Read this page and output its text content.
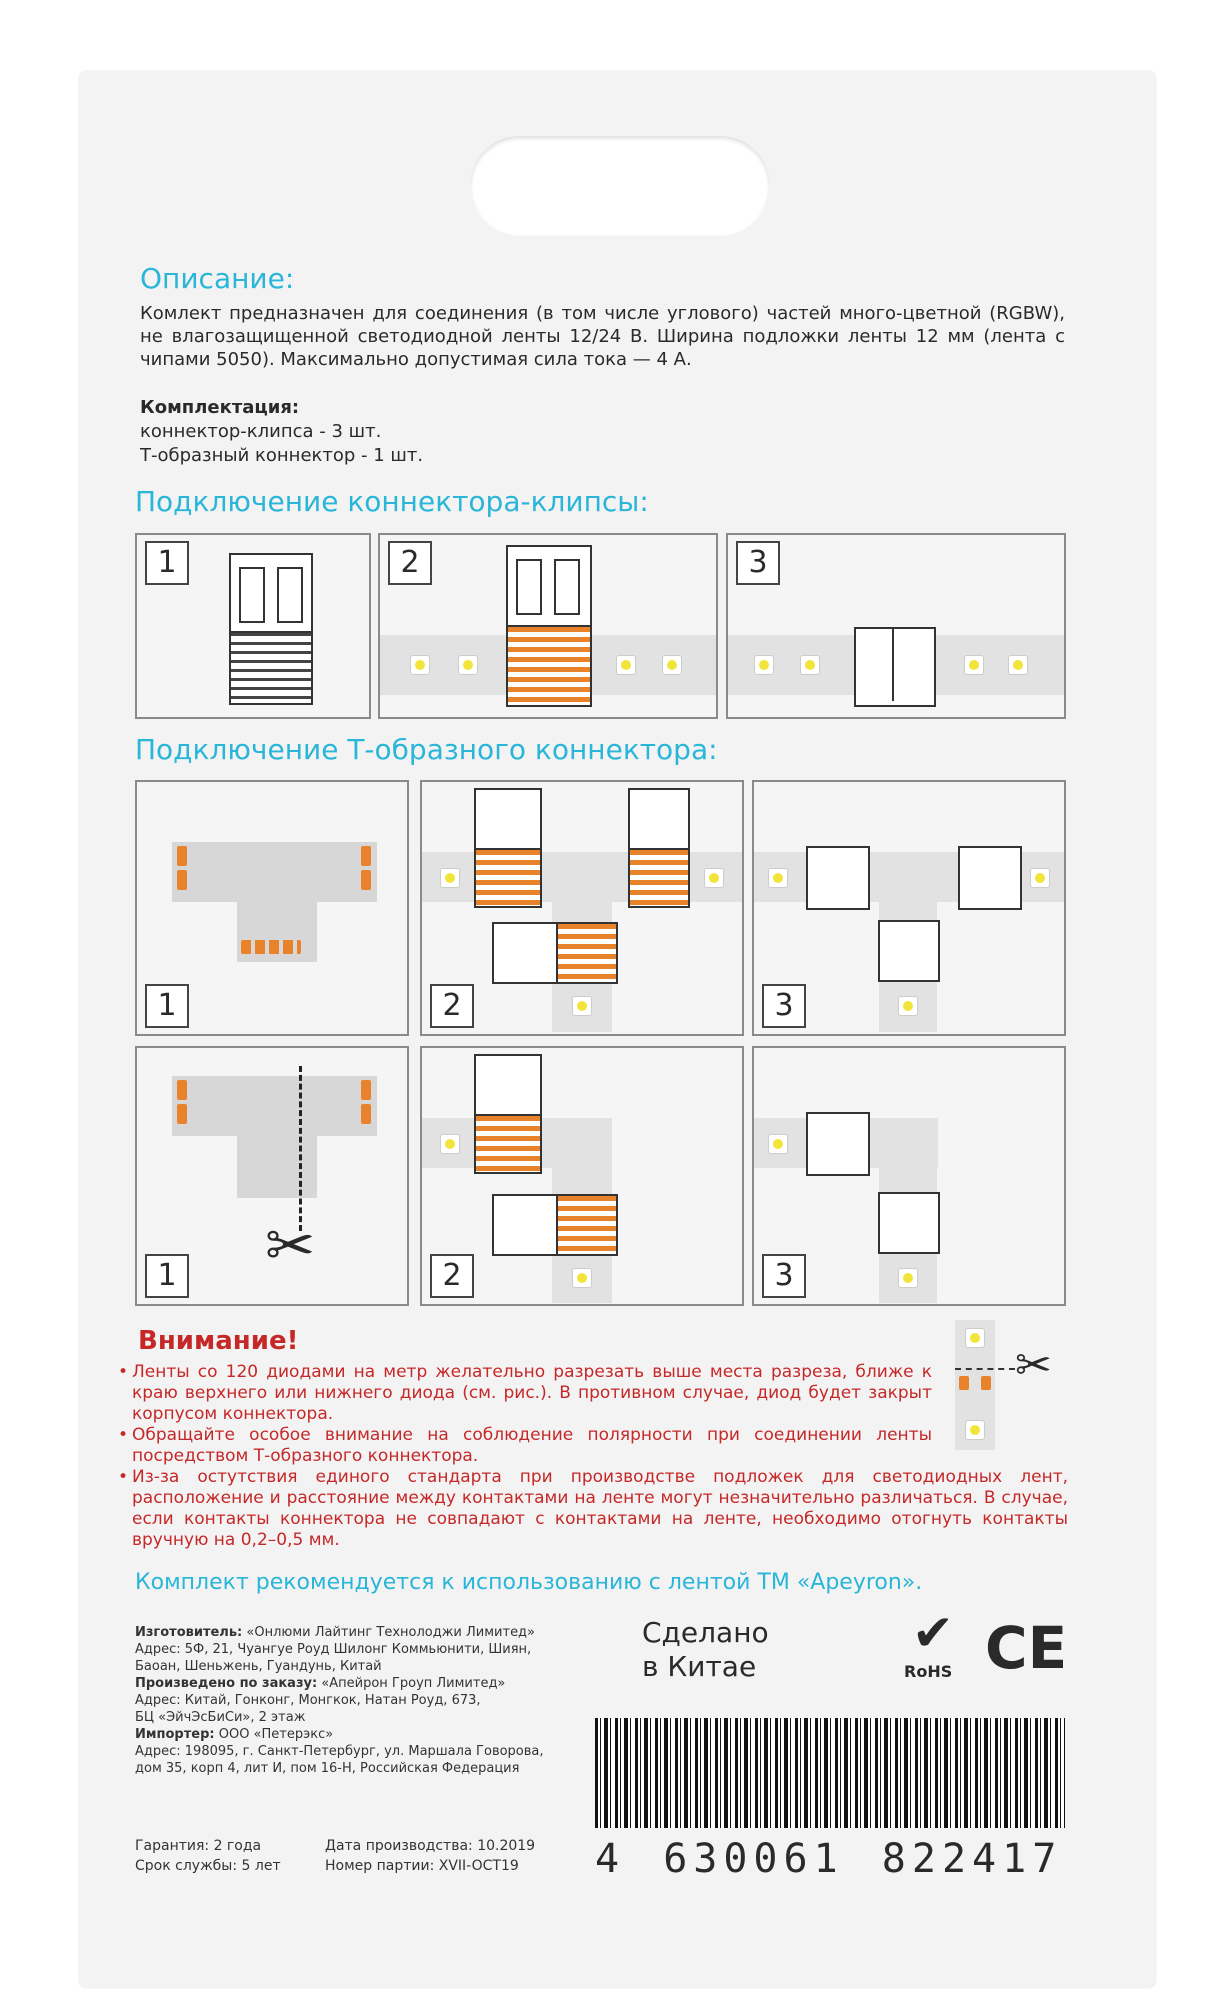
Описание:
Комлект предназначен для соединения (в том числе углового) частей много-цветной (RGBW), не влагозащищенной светодиодной ленты 12/24 В. Ширина подложки ленты 12 мм (лента с чипами 5050). Максимально допустимая сила тока — 4 А.
Комплектация:
коннектор-клипса - 3 шт.
Т-образный коннектор - 1 шт.
Подключение коннектора-клипсы:
1	2	3
Подключение Т-образного коннектора:
1	2	3
✂
1	2	3
Внимание!
• Ленты со 120 диодами на метр желательно разрезать выше места разреза, ближе к краю верхнего или нижнего диода (см. рис.). В противном случае, диод будет закрыт корпусом коннектора.
• Обращайте особое внимание на соблюдение полярности при соединении ленты посредством Т-образного коннектора.
• Из-за остутствия единого стандарта при производстве подложек для светодиодных лент, расположение и расстояние между контактами на ленте могут незначительно различаться. В случае, если контакты коннектора не совпадают с контактами на ленте, необходимо отогнуть контакты вручную на 0,2–0,5 мм.
✂
Комплект рекомендуется к использованию с лентой ТМ «Apeyron».
Изготовитель: «Онлюми Лайтинг Технолоджи Лимитед»
Адрес: 5Ф, 21, Чуангуе Роуд Шилонг Коммьюнити, Шиян,
Баоан, Шеньжень, Гуандунь, Китай
Произведено по заказу: «Апейрон Гроуп Лимитед»
Адрес: Китай, Гонконг, Монгкок, Натан Роуд, 673,
БЦ «ЭйчЭсБиСи», 2 этаж
Импортер: ООО «Петерэкс»
Адрес: 198095, г. Санкт-Петербург, ул. Маршала Говорова,
дом 35, корп 4, лит И, пом 16-Н, Российская Федерация
Сделано
в Китае
✔
RoHS CE
4 630061 822417
Гарантия: 2 года
Срок службы: 5 лет
Дата производства: 10.2019
Номер партии: XVII-OCT19
